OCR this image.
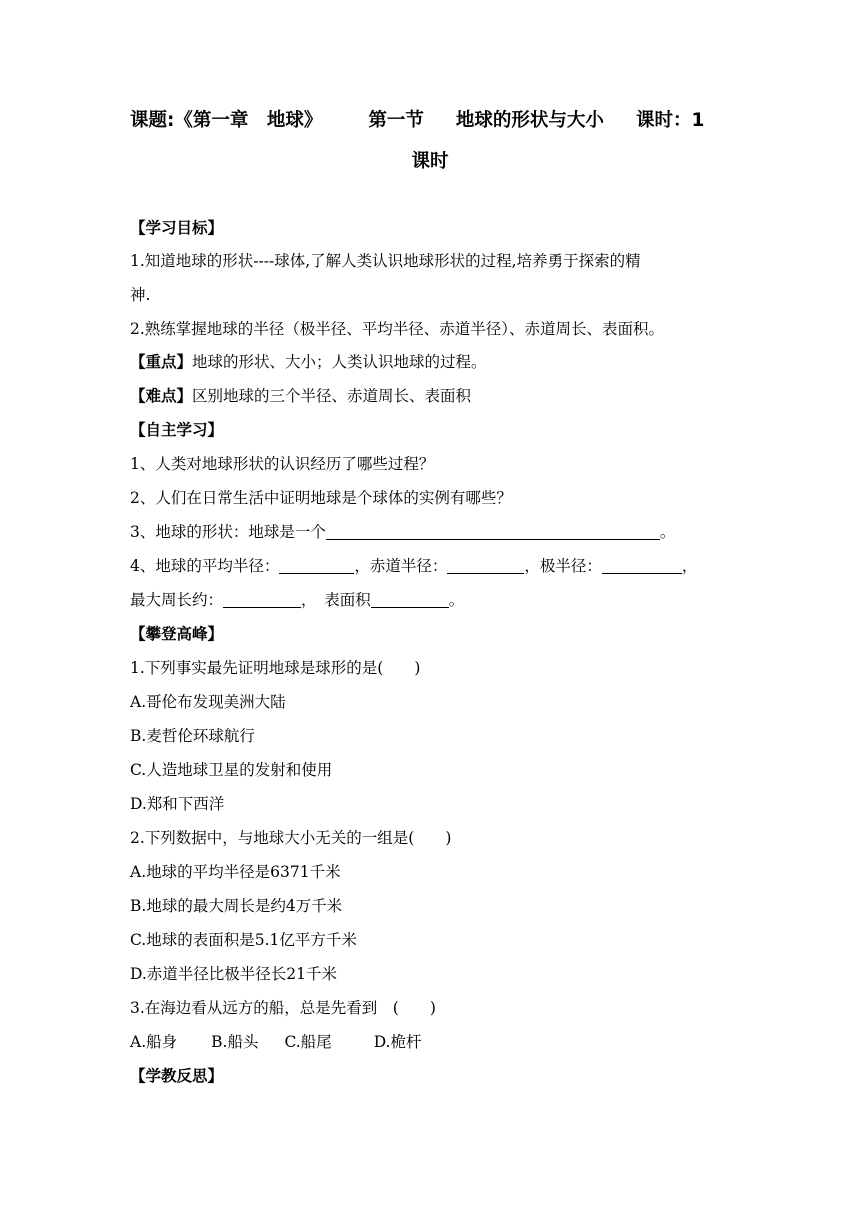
课题:《第一章　地球》 第一节 地球的形状与大小 课时：1
课时
【学习目标】
1.知道地球的形状----球体,了解人类认识地球形状的过程,培养勇于探索的精
神.
2.熟练掌握地球的半径（极半径、平均半径、赤道半径）、赤道周长、表面积。
【重点】地球的形状、大小；人类认识地球的过程。
【难点】区别地球的三个半径、赤道周长、表面积
【自主学习】
1、人类对地球形状的认识经历了哪些过程？
2、人们在日常生活中证明地球是个球体的实例有哪些？
3、地球的形状：地球是一个	。
4、地球的平均半径：	，赤道半径：	，极半径：	，
最大周长约：	，　表面积	。
【攀登高峰】
1.下列事实最先证明地球是球形的是(　　)
A.哥伦布发现美洲大陆
B.麦哲伦环球航行
C.人造地球卫星的发射和使用
D.郑和下西洋
2.下列数据中，与地球大小无关的一组是(　　)
A.地球的平均半径是6371千米
B.地球的最大周长是约4万千米
C.地球的表面积是5.1亿平方千米
D.赤道半径比极半径长21千米
3.在海边看从远方的船，总是先看到　(　　)
A.船身 B.船头 C.船尾	D.桅杆
【学教反思】
